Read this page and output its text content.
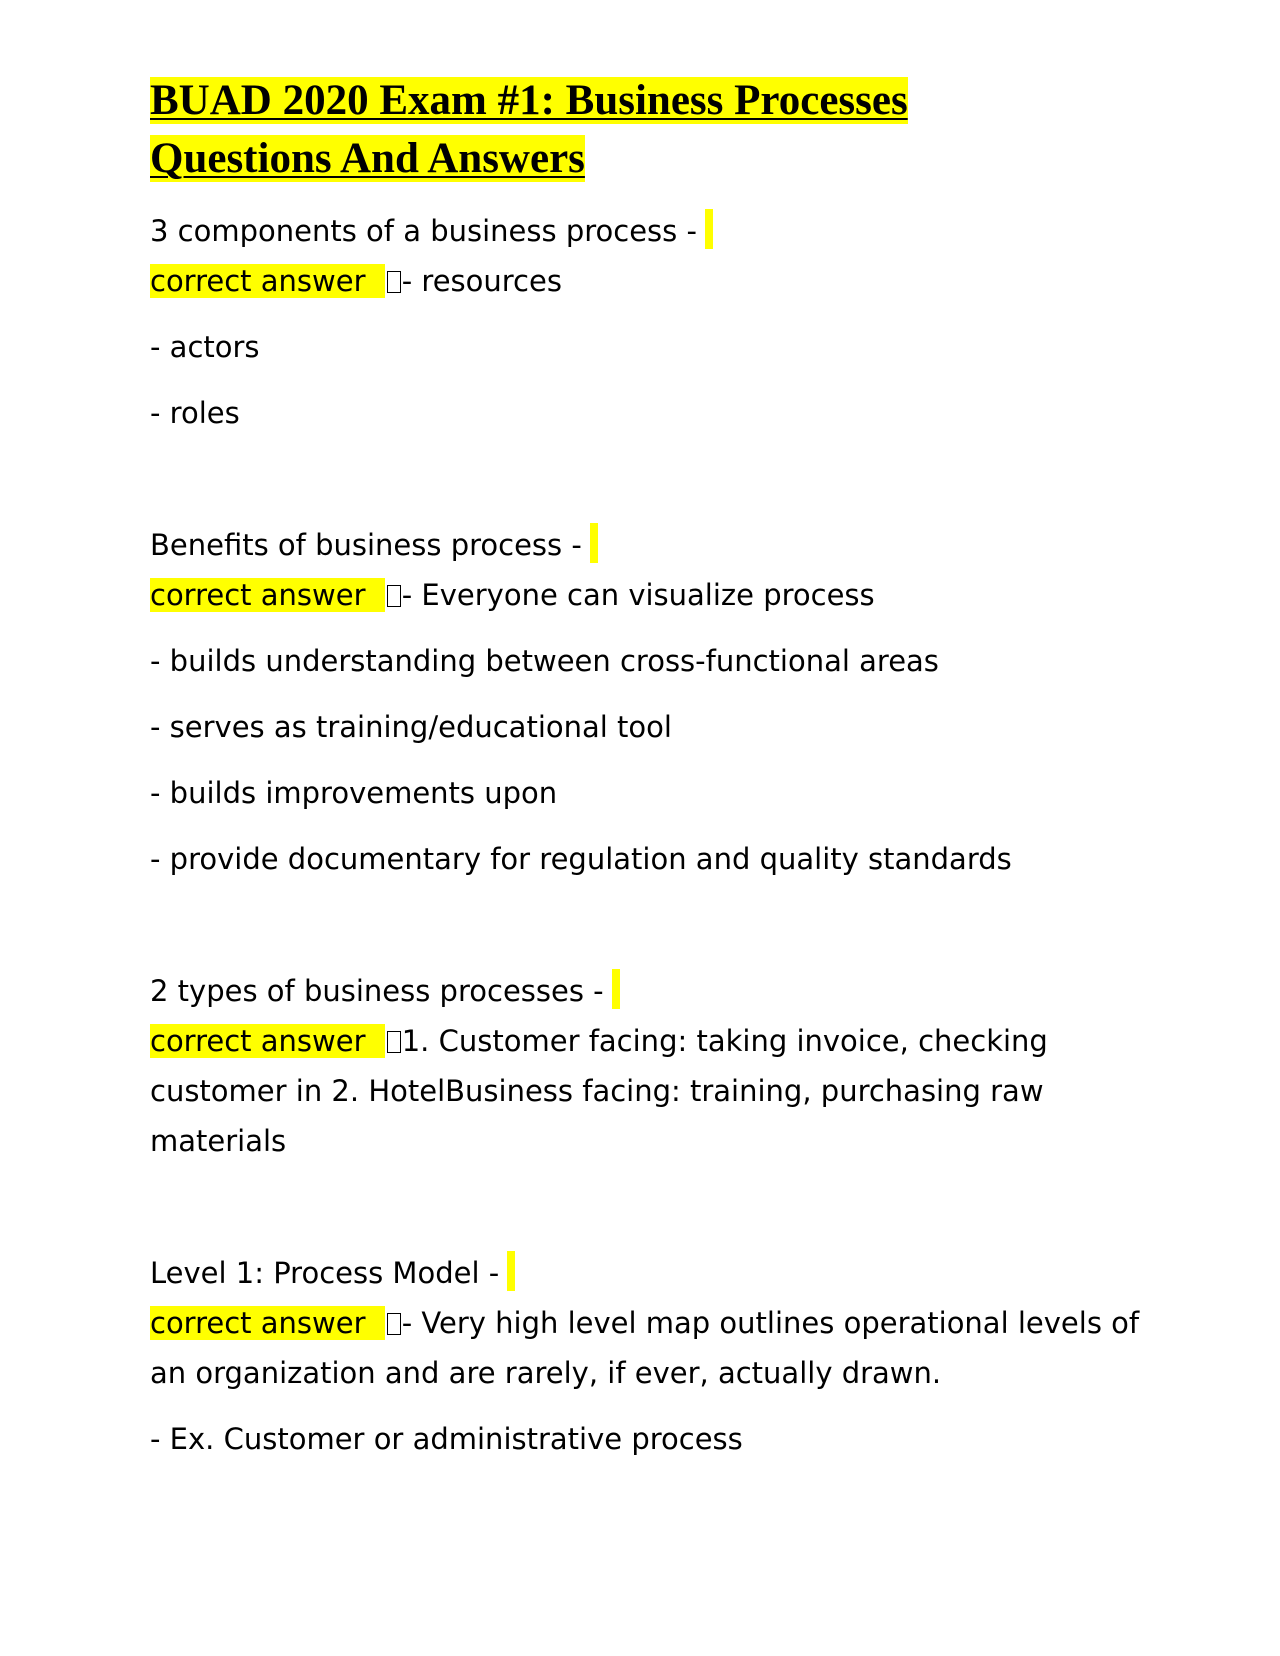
BUAD 2020 Exam #1: Business Processes
Questions And Answers

3 components of a business process -

correct answer - resources

- actors

- roles

Benefits of business process -

correct answer - Everyone can visualize process

- builds understanding between cross-functional areas

- serves as training/educational tool

- builds improvements upon

- provide documentary for regulation and quality standards

2 types of business processes -

correct answer 1. Customer facing: taking invoice, checking customer in 2. HotelBusiness facing: training, purchasing raw materials

Level 1: Process Model -

correct answer - Very high level map outlines operational levels of an organization and are rarely, if ever, actually drawn.

- Ex. Customer or administrative process
